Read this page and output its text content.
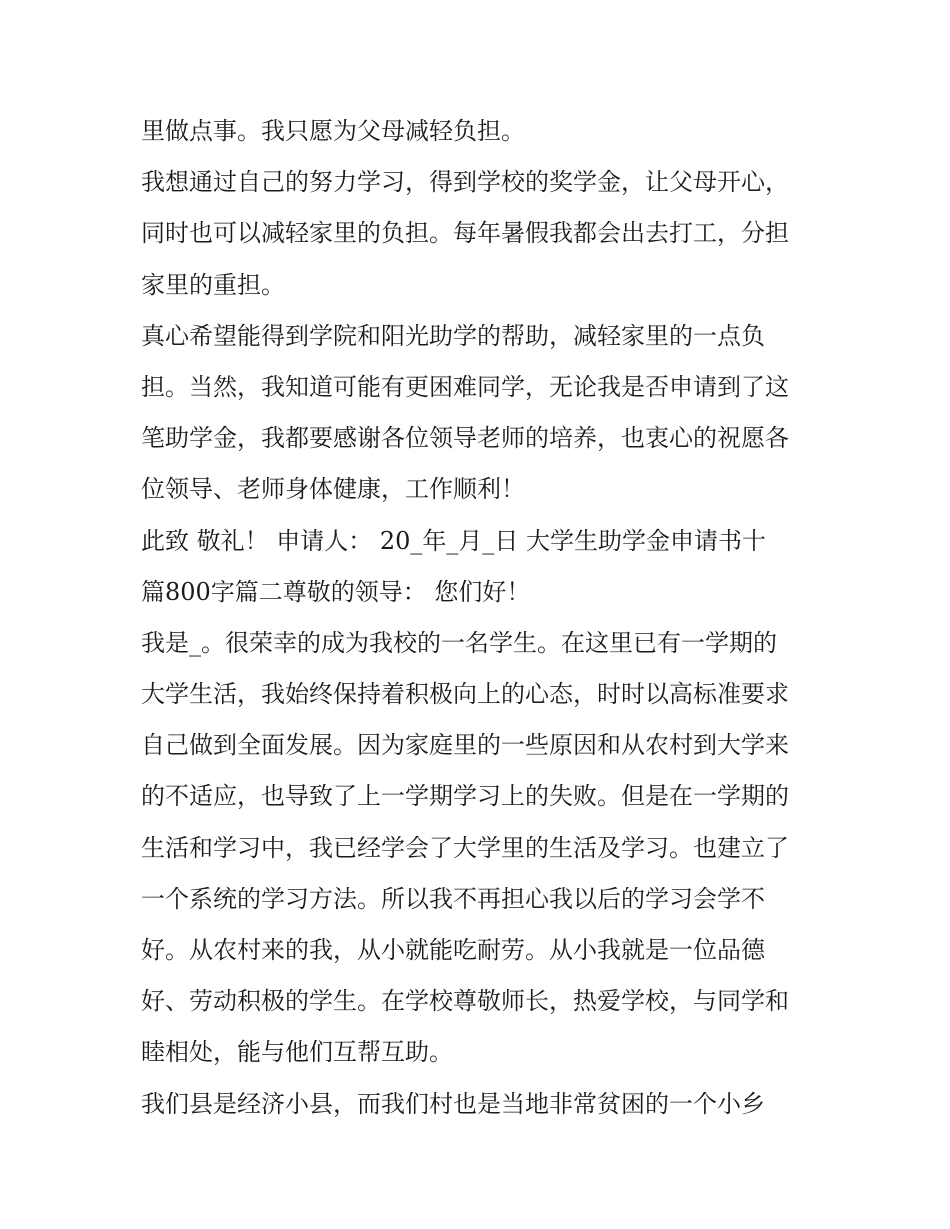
里做点事。我只愿为父母减轻负担。
我想通过自己的努力学习，得到学校的奖学金，让父母开心，
同时也可以减轻家里的负担。每年暑假我都会出去打工，分担
家里的重担。
真心希望能得到学院和阳光助学的帮助，减轻家里的一点负
担。当然，我知道可能有更困难同学，无论我是否申请到了这
笔助学金，我都要感谢各位领导老师的培养，也衷心的祝愿各
位领导、老师身体健康，工作顺利！
此致 敬礼！ 申请人： 20_年_月_日 大学生助学金申请书十
篇800字篇二尊敬的领导： 您们好！
我是_。很荣幸的成为我校的一名学生。在这里已有一学期的
大学生活，我始终保持着积极向上的心态，时时以高标准要求
自己做到全面发展。因为家庭里的一些原因和从农村到大学来
的不适应，也导致了上一学期学习上的失败。但是在一学期的
生活和学习中，我已经学会了大学里的生活及学习。也建立了
一个系统的学习方法。所以我不再担心我以后的学习会学不
好。从农村来的我，从小就能吃耐劳。从小我就是一位品德
好、劳动积极的学生。在学校尊敬师长，热爱学校，与同学和
睦相处，能与他们互帮互助。
我们县是经济小县，而我们村也是当地非常贫困的一个小乡
